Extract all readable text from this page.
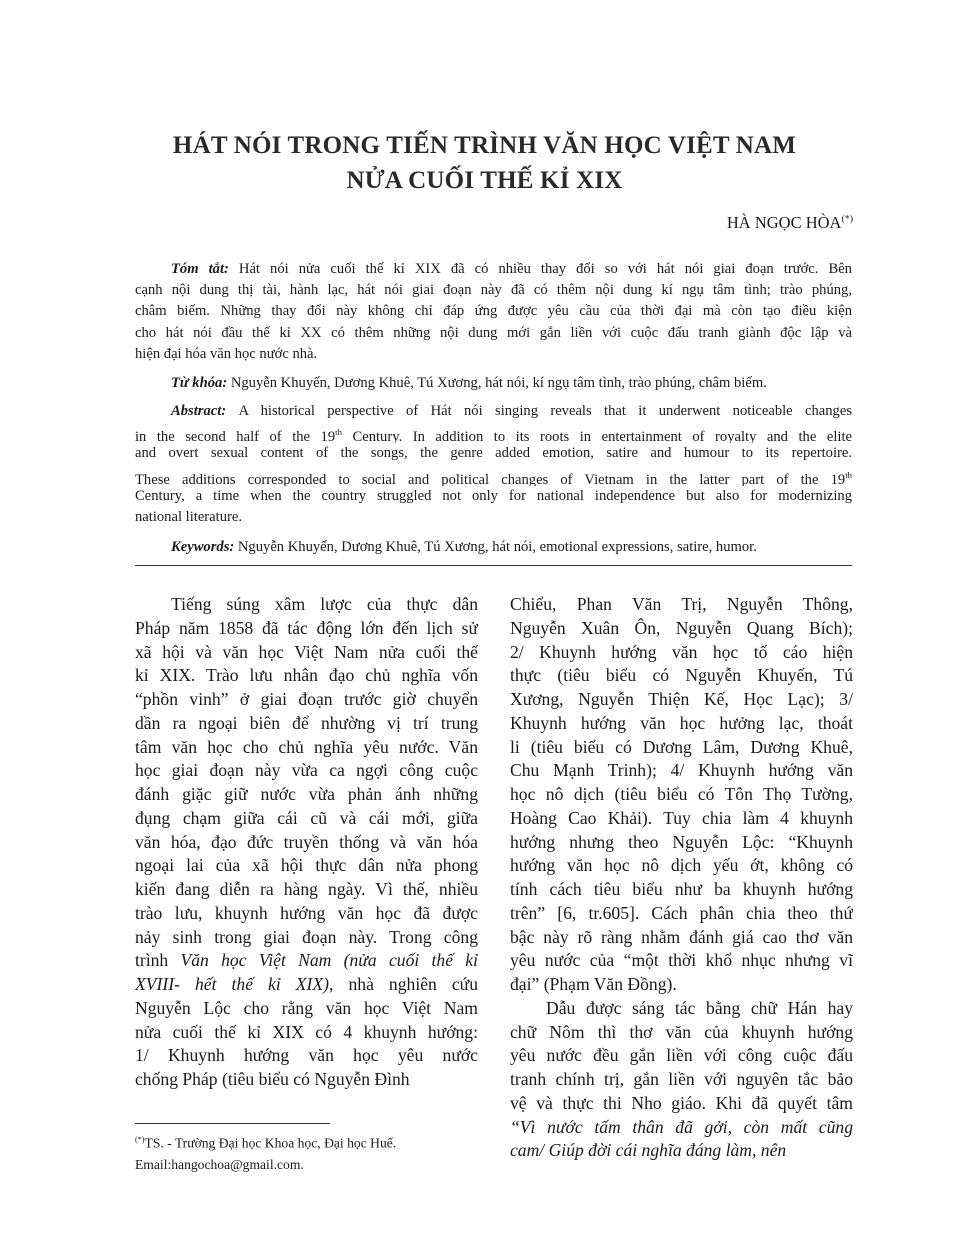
HÁT NÓI TRONG TIẾN TRÌNH VĂN HỌC VIỆT NAM
NỬA CUỐI THẾ KỈ XIX
HÀ NGỌC HÒA(*)
Tóm tắt: Hát nói nửa cuối thế kỉ XIX đã có nhiều thay đổi so với hát nói giai đoạn trước. Bên
cạnh nội dung thị tài, hành lạc, hát nói giai đoạn này đã có thêm nội dung kí ngụ tâm tình; trào phúng,
châm biếm. Những thay đổi này không chỉ đáp ứng được yêu cầu của thời đại mà còn tạo điều kiện
cho hát nói đầu thế kỉ XX có thêm những nội dung mới gắn liền với cuộc đấu tranh giành độc lập và
hiện đại hóa văn học nước nhà.
Từ khóa: Nguyễn Khuyến, Dương Khuê, Tú Xương, hát nói, kí ngụ tâm tình, trào phúng, châm biếm.
Abstract: A historical perspective of Hát nói singing reveals that it underwent noticeable changes
in the second half of the 19th Century. In addition to its roots in entertainment of royalty and the elite
and overt sexual content of the songs, the genre added emotion, satire and humour to its repertoire.
These additions corresponded to social and political changes of Vietnam in the latter part of the 19th
Century, a time when the country struggled not only for national independence but also for modernizing
national literature.
Keywords: Nguyễn Khuyến, Dương Khuê, Tú Xương, hát nói, emotional expressions, satire, humor.
Tiếng súng xâm lược của thực dân
Pháp năm 1858 đã tác động lớn đến lịch sử
xã hội và văn học Việt Nam nửa cuối thế
kỉ XIX. Trào lưu nhân đạo chủ nghĩa vốn
“phồn vinh” ở giai đoạn trước giờ chuyển
dần ra ngoại biên để nhường vị trí trung
tâm văn học cho chủ nghĩa yêu nước. Văn
học giai đoạn này vừa ca ngợi công cuộc
đánh giặc giữ nước vừa phản ánh những
đụng chạm giữa cái cũ và cái mới, giữa
văn hóa, đạo đức truyền thống và văn hóa
ngoại lai của xã hội thực dân nửa phong
kiến đang diễn ra hàng ngày. Vì thế, nhiều
trào lưu, khuynh hướng văn học đã được
nảy sinh trong giai đoạn này. Trong công
trình Văn học Việt Nam (nửa cuối thế kỉ
XVIII- hết thế kỉ XIX), nhà nghiên cứu
Nguyễn Lộc cho rằng văn học Việt Nam
nửa cuối thế kỉ XIX có 4 khuynh hướng:
1/ Khuynh hướng văn học yêu nước
chống Pháp (tiêu biểu có Nguyễn Đình
Chiểu, Phan Văn Trị, Nguyễn Thông,
Nguyễn Xuân Ôn, Nguyễn Quang Bích);
2/ Khuynh hướng văn học tố cáo hiện
thực (tiêu biểu có Nguyễn Khuyến, Tú
Xương, Nguyễn Thiện Kế, Học Lạc); 3/
Khuynh hướng văn học hưởng lạc, thoát
li (tiêu biểu có Dương Lâm, Dương Khuê,
Chu Mạnh Trinh); 4/ Khuynh hướng văn
học nô dịch (tiêu biểu có Tôn Thọ Tường,
Hoàng Cao Khải). Tuy chia làm 4 khuynh
hướng nhưng theo Nguyễn Lộc: “Khuynh
hướng văn học nô dịch yếu ớt, không có
tính cách tiêu biểu như ba khuynh hướng
trên” [6, tr.605]. Cách phân chia theo thứ
bậc này rõ ràng nhằm đánh giá cao thơ văn
yêu nước của “một thời khổ nhục nhưng vĩ
đại” (Phạm Văn Đồng).
Dẫu được sáng tác bằng chữ Hán hay
chữ Nôm thì thơ văn của khuynh hướng
yêu nước đều gắn liền với công cuộc đấu
tranh chính trị, gắn liền với nguyên tắc bảo
vệ và thực thi Nho giáo. Khi đã quyết tâm
“Vì nước tấm thân đã gởi, còn mất cũng
cam/ Giúp đời cái nghĩa đáng làm, nên
(*)TS. - Trường Đại học Khoa học, Đại học Huế.
Email:hangochoa@gmail.com.
